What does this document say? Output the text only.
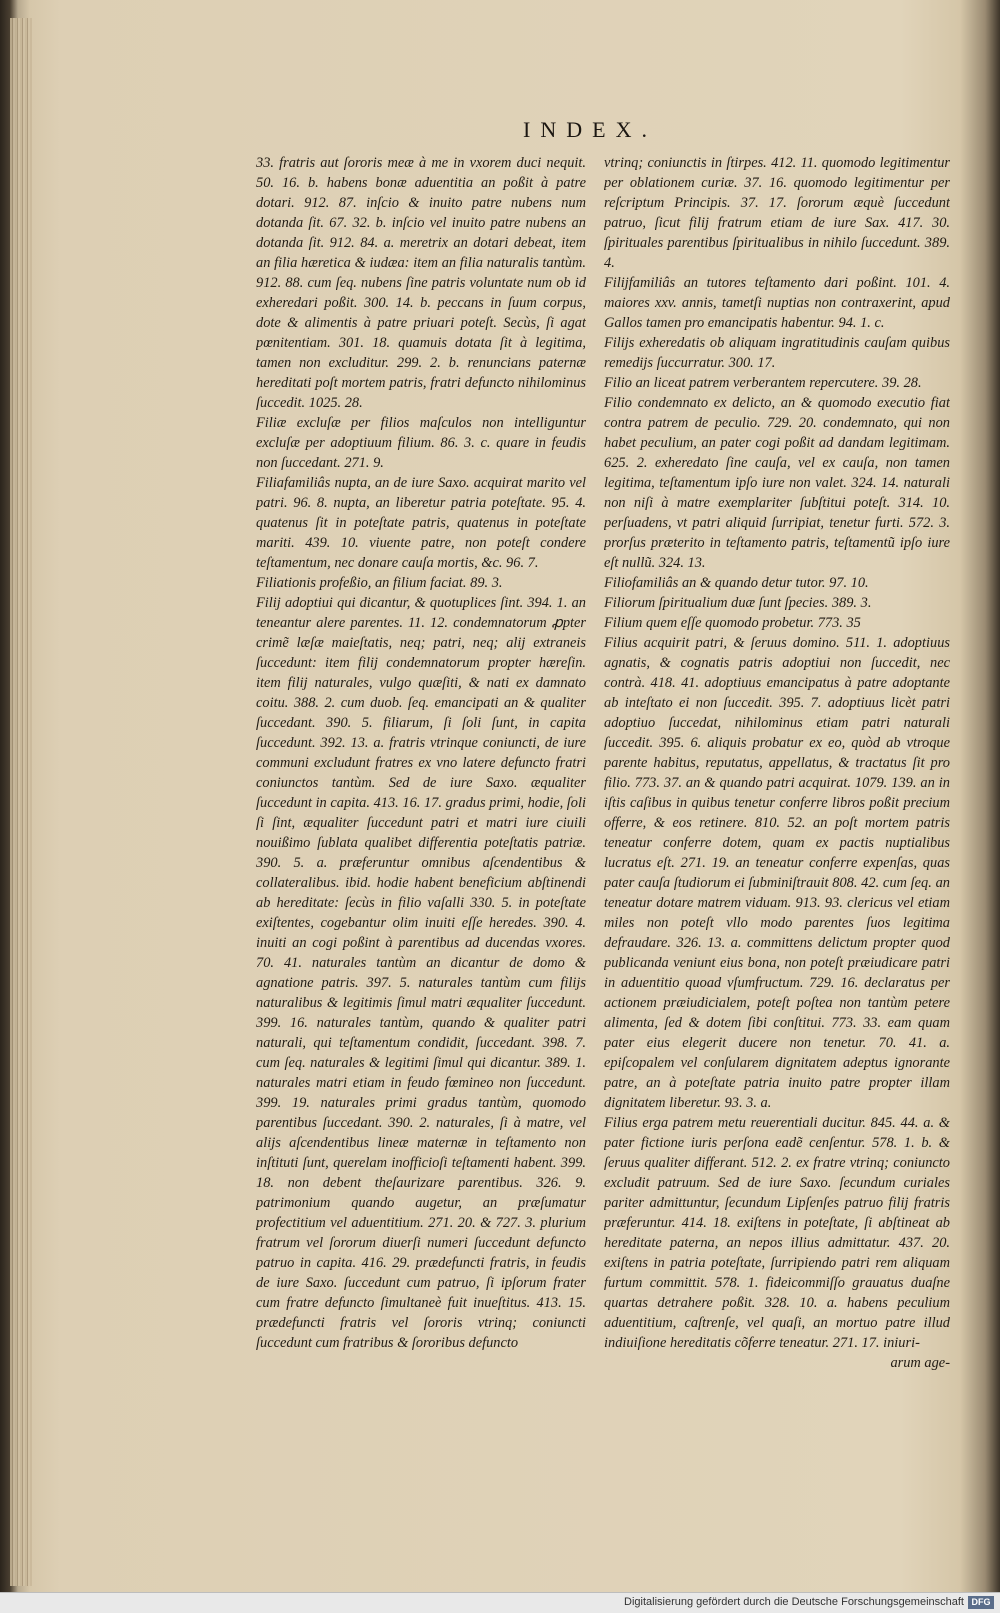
INDEX.

33. fratris aut ſororis meæ à me in vxorem duci nequit. 50. 16. b. habens bonæ aduentitia an poßit à patre dotari. 912. 87. inſcio & inuito patre nubens num dotanda ſit. 67. 32. b. inſcio vel inuito patre nubens an dotanda ſit. 912. 84. a. meretrix an dotari debeat, item an filia hæretica & iudæa: item an filia naturalis tantùm. 912. 88. cum ſeq. nubens ſine patris voluntate num ob id exheredari poßit. 300. 14. b. peccans in ſuum corpus, dote & alimentis à patre priuari poteſt. Secùs, ſi agat pœnitentiam. 301. 18. quamuis dotata ſit à legitima, tamen non excluditur. 299. 2. b. renuncians paternæ hereditati poſt mortem patris, fratri defuncto nihilominus ſuccedit. 1025. 28.

Filiæ excluſæ per filios maſculos non intelliguntur excluſæ per adoptiuum filium. 86. 3. c. quare in feudis non ſuccedant. 271. 9.

Filiafamiliâs nupta, an de iure Saxo. acquirat marito vel patri. 96. 8. nupta, an liberetur patria poteſtate. 95. 4. quatenus ſit in poteſtate patris, quatenus in poteſtate mariti. 439. 10. viuente patre, non poteſt condere teſtamentum, nec donare cauſa mortis, &c. 96. 7.

Filiationis profeßio, an filium faciat. 89. 3.

Filij adoptiui qui dicantur, & quotuplices ſint. 394. 1. an teneantur alere parentes. 11. 12. condemnatorum ꝓpter crimẽ læſæ maieſtatis, neq; patri, neq; alij extraneis ſuccedunt: item filij condemnatorum propter hæreſin. item filij naturales, vulgo quæſiti, & nati ex damnato coitu. 388. 2. cum duob. ſeq. emancipati an & qualiter ſuccedant. 390. 5. filiarum, ſi ſoli ſunt, in capita ſuccedunt. 392. 13. a. fratris vtrinque coniuncti, de iure communi excludunt fratres ex vno latere defuncto fratri coniunctos tantùm. Sed de iure Saxo. æqualiter ſuccedunt in capita. 413. 16. 17. gradus primi, hodie, ſoli ſi ſint, æqualiter ſuccedunt patri et matri iure ciuili nouißimo ſublata qualibet differentia poteſtatis patriæ. 390. 5. a. præferuntur omnibus aſcendentibus & collateralibus. ibid. hodie habent beneficium abſtinendi ab hereditate: ſecùs in filio vaſalli 330. 5. in poteſtate exiſtentes, cogebantur olim inuiti eſſe heredes. 390. 4. inuiti an cogi poßint à parentibus ad ducendas vxores. 70. 41. naturales tantùm an dicantur de domo & agnatione patris. 397. 5. naturales tantùm cum filijs naturalibus & legitimis ſimul matri æqualiter ſuccedunt. 399. 16. naturales tantùm, quando & qualiter patri naturali, qui teſtamentum condidit, ſuccedant. 398. 7. cum ſeq. naturales & legitimi ſimul qui dicantur. 389. 1. naturales matri etiam in feudo fœmineo non ſuccedunt. 399. 19. naturales primi gradus tantùm, quomodo parentibus ſuccedant. 390. 2. naturales, ſi à matre, vel alijs aſcendentibus lineæ maternæ in teſtamento non inſtituti ſunt, querelam inofficioſi teſtamenti habent. 399. 18. non debent theſaurizare parentibus. 326. 9. patrimonium quando augetur, an præſumatur profectitium vel aduentitium. 271. 20. & 727. 3. plurium fratrum vel ſororum diuerſi numeri ſuccedunt defuncto patruo in capita. 416. 29. prædefuncti fratris, in feudis de iure Saxo. ſuccedunt cum patruo, ſi ipſorum frater cum fratre defuncto ſimultaneè fuit inueſtitus. 413. 15. prædefuncti fratris vel ſororis vtrinq; coniuncti ſuccedunt cum fratribus & ſororibus defuncto

vtrinq; coniunctis in ſtirpes. 412. 11. quomodo legitimentur per oblationem curiæ. 37. 16. quomodo legitimentur per reſcriptum Principis. 37. 17. ſororum æquè ſuccedunt patruo, ſicut filij fratrum etiam de iure Sax. 417. 30. ſpirituales parentibus ſpiritualibus in nihilo ſuccedunt. 389. 4.

Filijfamiliâs an tutores teſtamento dari poßint. 101. 4. maiores xxv. annis, tametſi nuptias non contraxerint, apud Gallos tamen pro emancipatis habentur. 94. 1. c.

Filijs exheredatis ob aliquam ingratitudinis cauſam quibus remedijs ſuccurratur. 300. 17.

Filio an liceat patrem verberantem repercutere. 39. 28.

Filio condemnato ex delicto, an & quomodo executio fiat contra patrem de peculio. 729. 20. condemnato, qui non habet peculium, an pater cogi poßit ad dandam legitimam. 625. 2. exheredato ſine cauſa, vel ex cauſa, non tamen legitima, teſtamentum ipſo iure non valet. 324. 14. naturali non niſi à matre exemplariter ſubſtitui poteſt. 314. 10. perſuadens, vt patri aliquid ſurripiat, tenetur furti. 572. 3. prorſus præterito in teſtamento patris, teſtamentũ ipſo iure eſt nullũ. 324. 13.

Filiofamiliâs an & quando detur tutor. 97. 10.

Filiorum ſpiritualium duæ ſunt ſpecies. 389. 3.

Filium quem eſſe quomodo probetur. 773. 35

Filius acquirit patri, & ſeruus domino. 511. 1. adoptiuus agnatis, & cognatis patris adoptiui non ſuccedit, nec contrà. 418. 41. adoptiuus emancipatus à patre adoptante ab inteſtato ei non ſuccedit. 395. 7. adoptiuus licèt patri adoptiuo ſuccedat, nihilominus etiam patri naturali ſuccedit. 395. 6. aliquis probatur ex eo, quòd ab vtroque parente habitus, reputatus, appellatus, & tractatus ſit pro filio. 773. 37. an & quando patri acquirat. 1079. 139. an in iſtis caſibus in quibus tenetur conferre libros poßit precium offerre, & eos retinere. 810. 52. an poſt mortem patris teneatur conferre dotem, quam ex pactis nuptialibus lucratus eſt. 271. 19. an teneatur conferre expenſas, quas pater cauſa ſtudiorum ei ſubminiſtrauit 808. 42. cum ſeq. an teneatur dotare matrem viduam. 913. 93. clericus vel etiam miles non poteſt vllo modo parentes ſuos legitima defraudare. 326. 13. a. committens delictum propter quod publicanda veniunt eius bona, non poteſt præiudicare patri in aduentitio quoad vſumfructum. 729. 16. declaratus per actionem præiudicialem, poteſt poſtea non tantùm petere alimenta, ſed & dotem ſibi conſtitui. 773. 33. eam quam pater eius elegerit ducere non tenetur. 70. 41. a. epiſcopalem vel conſularem dignitatem adeptus ignorante patre, an à poteſtate patria inuito patre propter illam dignitatem liberetur. 93. 3. a.

Filius erga patrem metu reuerentiali ducitur. 845. 44. a. & pater fictione iuris perſona eadẽ cenſentur. 578. 1. b. & ſeruus qualiter differant. 512. 2. ex fratre vtrinq; coniuncto excludit patruum. Sed de iure Saxo. ſecundum curiales pariter admittuntur, ſecundum Lipſenſes patruo filij fratris præferuntur. 414. 18. exiſtens in poteſtate, ſi abſtineat ab hereditate paterna, an nepos illius admittatur. 437. 20. exiſtens in patria poteſtate, ſurripiendo patri rem aliquam furtum committit. 578. 1. fideicommiſſo grauatus duaſne quartas detrahere poßit. 328. 10. a. habens peculium aduentitium, caſtrenſe, vel quaſi, an mortuo patre illud indiuiſione hereditatis cõferre teneatur. 271. 17. iniuri-

arum age-

Digitalisierung gefördert durch die Deutsche Forschungsgemeinschaft DFG
